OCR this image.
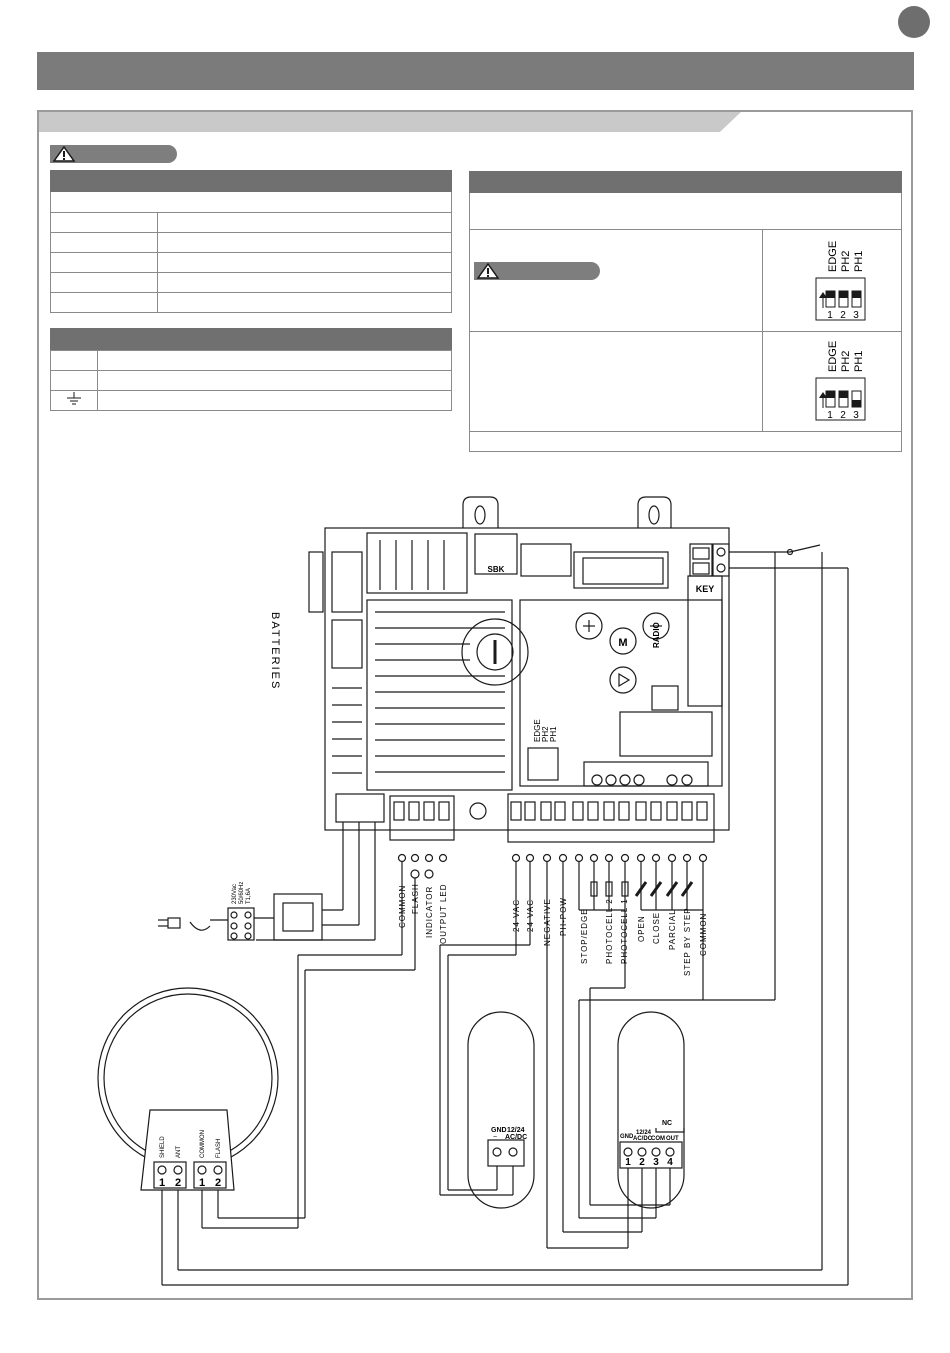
EDGE PH2 PH1
1 2 3
EDGE PH2 PH1
1 2 3
BATTERIES
SBK
KEY
M	RADIO
EDGE PH2 PH1
230Vac 50/60Hz T1,6A	COMMON FLASH INDICATOR OUTPUT LED	24 VAC 24 VAC NEGATIVE PH-POW STOP/EDGE PHOTOCELL 2 PHOTOCELL 1 OPEN CLOSE PARCIAL STEP BY STEP COMMON
SHIELD ANT	COMMON FLASH
1 2 1 2
GND 12/24
AC/DC
~	GND
12/24
AC/DC COM OUT
NC
1 2 3 4
